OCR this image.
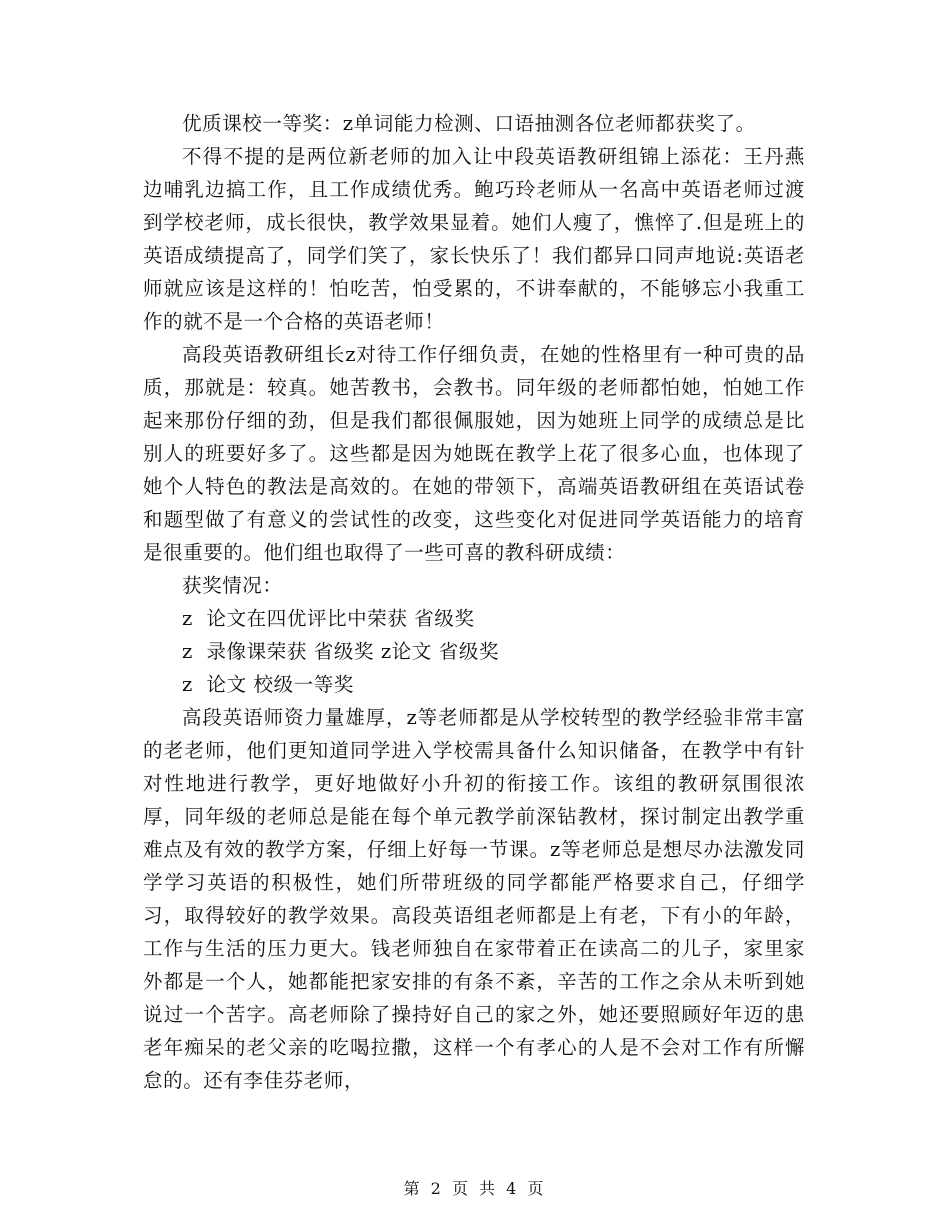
优质课校一等奖：z单词能力检测、口语抽测各位老师都获奖了。

不得不提的是两位新老师的加入让中段英语教研组锦上添花：王丹燕边哺乳边搞工作，且工作成绩优秀。鲍巧玲老师从一名高中英语老师过渡到学校老师，成长很快，教学效果显着。她们人瘦了，憔悴了.但是班上的英语成绩提高了，同学们笑了，家长快乐了！我们都异口同声地说:英语老师就应该是这样的！怕吃苦，怕受累的，不讲奉献的，不能够忘小我重工作的就不是一个合格的英语老师！

高段英语教研组长z对待工作仔细负责，在她的性格里有一种可贵的品质，那就是：较真。她苦教书，会教书。同年级的老师都怕她，怕她工作起来那份仔细的劲，但是我们都很佩服她，因为她班上同学的成绩总是比别人的班要好多了。这些都是因为她既在教学上花了很多心血，也体现了她个人特色的教法是高效的。在她的带领下，高端英语教研组在英语试卷和题型做了有意义的尝试性的改变，这些变化对促进同学英语能力的培育是很重要的。他们组也取得了一些可喜的教科研成绩：

获奖情况：
z  论文在四优评比中荣获 省级奖
z  录像课荣获 省级奖 z论文 省级奖
z  论文 校级一等奖

高段英语师资力量雄厚，z等老师都是从学校转型的教学经验非常丰富的老老师，他们更知道同学进入学校需具备什么知识储备，在教学中有针对性地进行教学，更好地做好小升初的衔接工作。该组的教研氛围很浓厚，同年级的老师总是能在每个单元教学前深钻教材，探讨制定出教学重难点及有效的教学方案，仔细上好每一节课。z等老师总是想尽办法激发同学学习英语的积极性，她们所带班级的同学都能严格要求自己，仔细学习，取得较好的教学效果。高段英语组老师都是上有老，下有小的年龄，工作与生活的压力更大。钱老师独自在家带着正在读高二的儿子，家里家外都是一个人，她都能把家安排的有条不紊，辛苦的工作之余从未听到她说过一个苦字。高老师除了操持好自己的家之外，她还要照顾好年迈的患老年痴呆的老父亲的吃喝拉撒，这样一个有孝心的人是不会对工作有所懈怠的。还有李佳芬老师，

第 2 页 共 4 页
